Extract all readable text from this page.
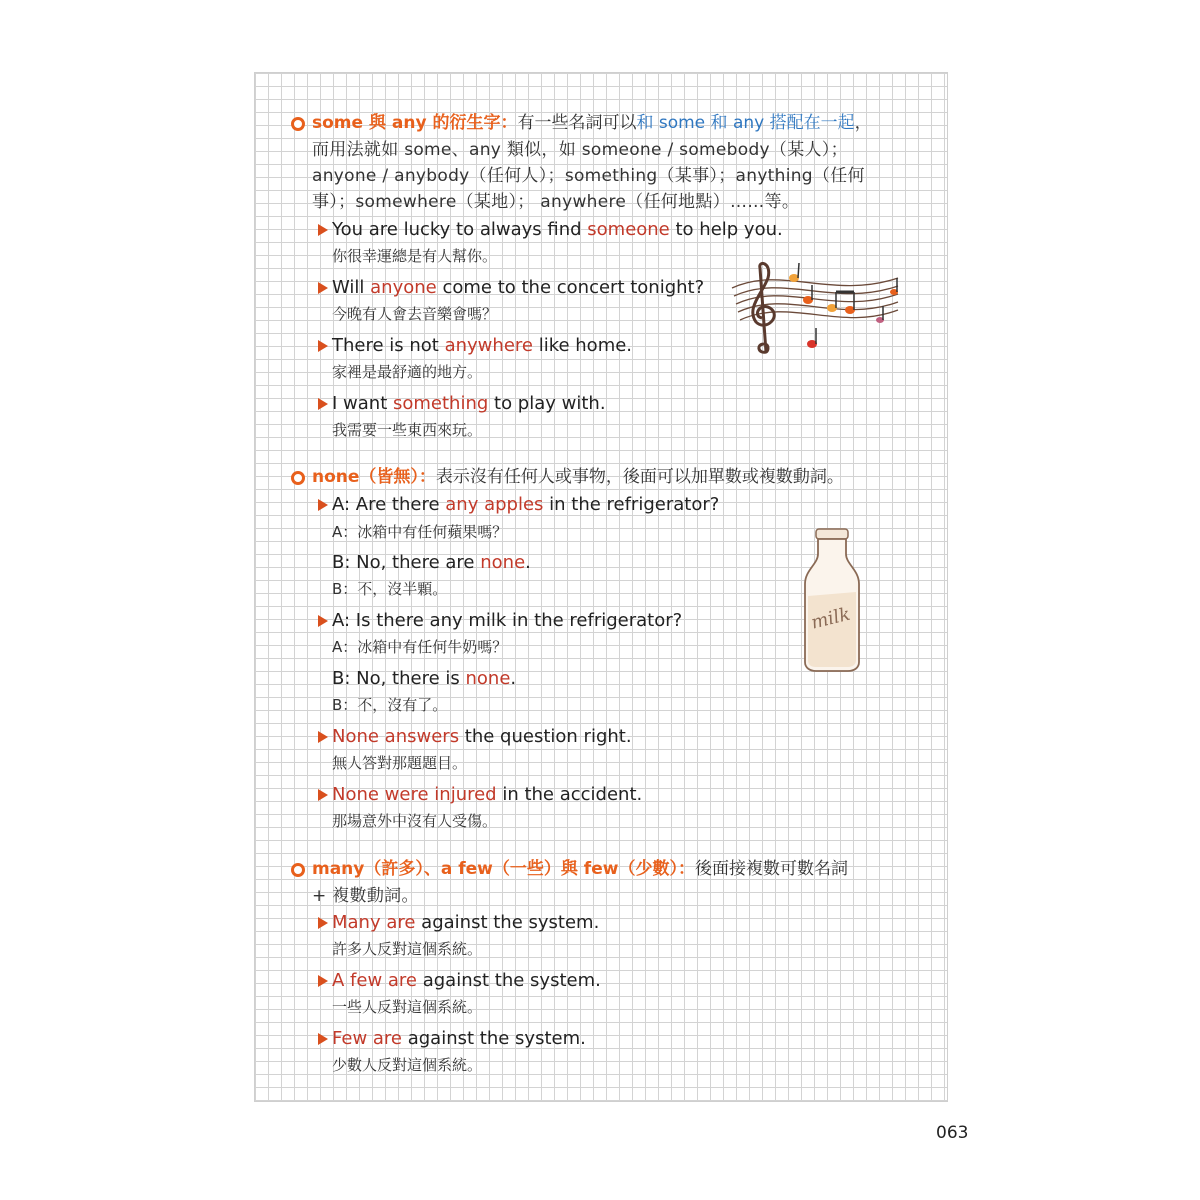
some 與 any 的衍生字：有一些名詞可以和 some 和 any 搭配在一起，
而用法就如 some、any 類似，如 someone / somebody（某人）；
anyone / anybody（任何人）；something（某事）；anything（任何
事）；somewhere（某地）； anywhere（任何地點）……等。
You are lucky to always find someone to help you.
你很幸運總是有人幫你。
Will anyone come to the concert tonight?
今晚有人會去音樂會嗎？
There is not anywhere like home.
家裡是最舒適的地方。
I want something to play with.
我需要一些東西來玩。
none（皆無）：表示沒有任何人或事物，後面可以加單數或複數動詞。
A: Are there any apples in the refrigerator?
A：冰箱中有任何蘋果嗎？
B: No, there are none.
B：不，沒半顆。
A: Is there any milk in the refrigerator?
A：冰箱中有任何牛奶嗎？
B: No, there is none.
B：不，沒有了。
None answers the question right.
無人答對那題題目。
None were injured in the accident.
那場意外中沒有人受傷。
milk
many（許多）、a few（一些）與 few（少數）：後面接複數可數名詞
+ 複數動詞。
Many are against the system.
許多人反對這個系統。
A few are against the system.
一些人反對這個系統。
Few are against the system.
少數人反對這個系統。
063
